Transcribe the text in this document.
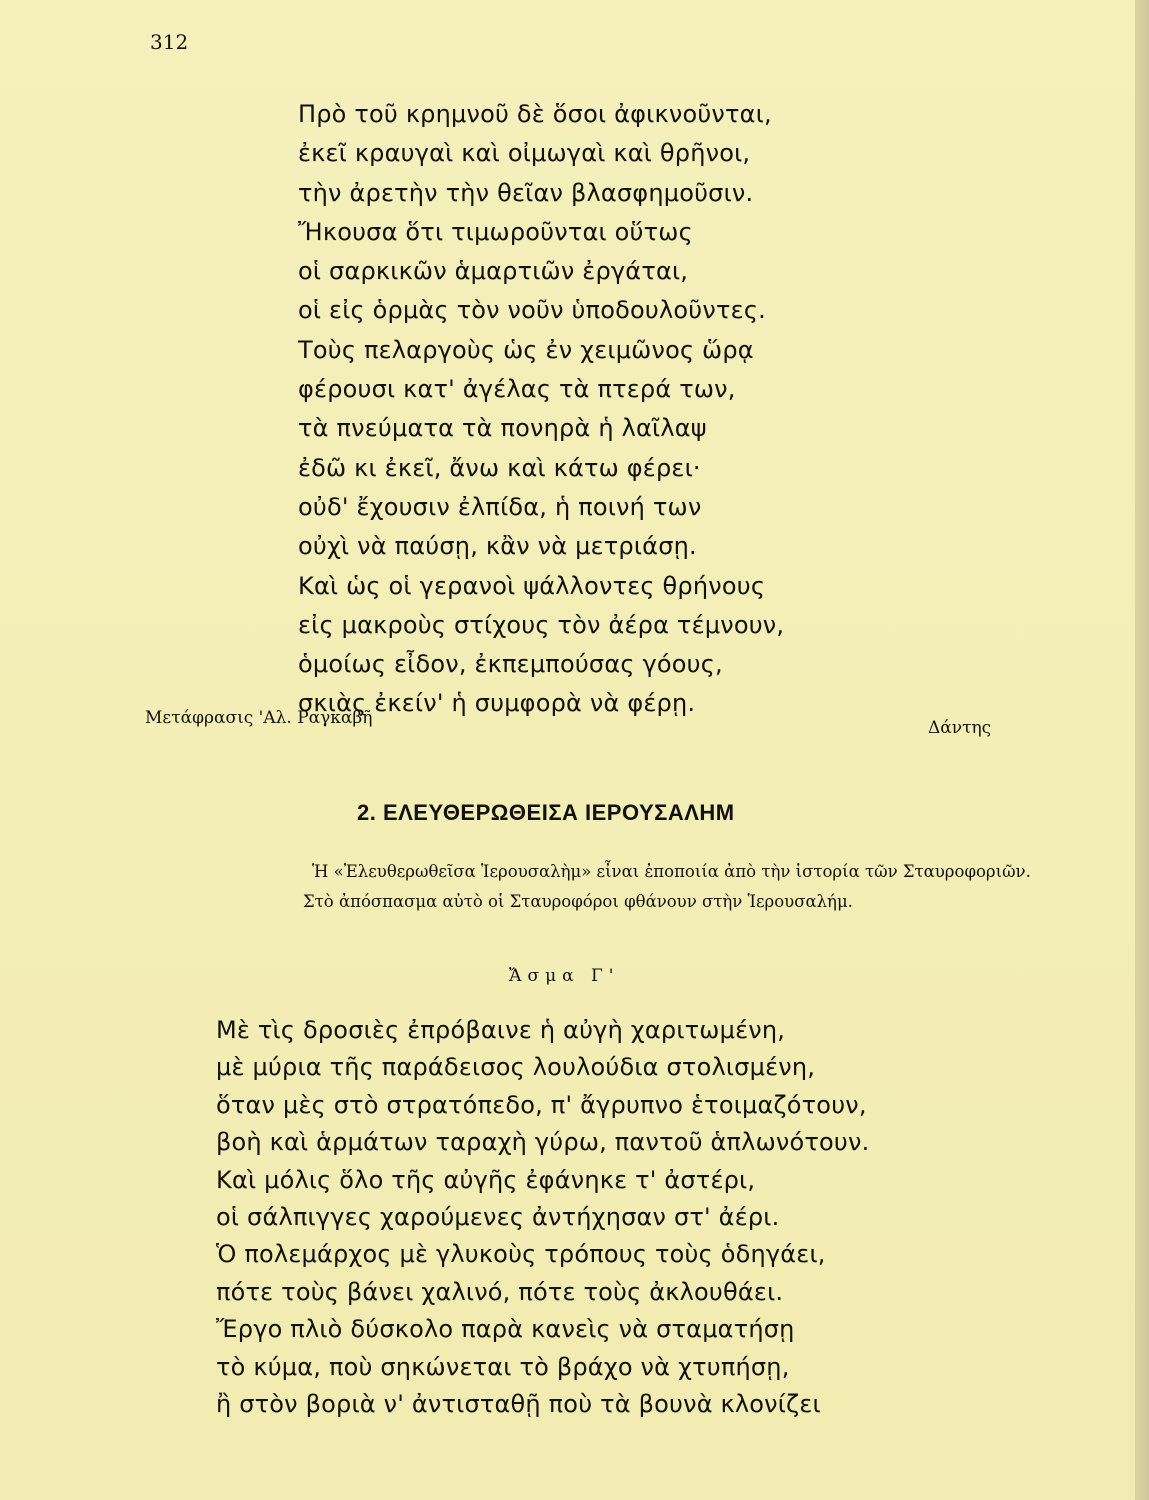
312
Πρὸ τοῦ κρημνοῦ δὲ ὅσοι ἀφικνοῦνται,
ἐκεῖ κραυγαὶ καὶ οἰμωγαὶ καὶ θρῆνοι,
τὴν ἀρετὴν τὴν θεῖαν βλασφημοῦσιν.
Ἤκουσα ὅτι τιμωροῦνται οὕτως
οἱ σαρκικῶν ἁμαρτιῶν ἐργάται,
οἱ εἰς ὁρμὰς τὸν νοῦν ὑποδουλοῦντες.
Τοὺς πελαργοὺς ὡς ἐν χειμῶνος ὥρᾳ
φέρουσι κατ' ἀγέλας τὰ πτερά των,
τὰ πνεύματα τὰ πονηρὰ ἡ λαῖλαψ
ἐδῶ κι ἐκεῖ, ἄνω καὶ κάτω φέρει·
οὐδ' ἔχουσιν ἐλπίδα, ἡ ποινή των
οὐχὶ νὰ παύσῃ, κἂν νὰ μετριάσῃ.
Καὶ ὡς οἱ γερανοὶ ψάλλοντες θρήνους
εἰς μακροὺς στίχους τὸν ἀέρα τέμνουν,
ὁμοίως εἶδον, ἐκπεμπούσας γόους,
σκιὰς ἐκείν' ἡ συμφορὰ νὰ φέρῃ.
Μετάφρασις 'Αλ. Ραγκαβῆ	Δάντης
2. ΕΛΕΥΘΕΡΩΘΕΙΣΑ ΙΕΡΟΥΣΑΛΗΜ

Ἡ «Ἐλευθερωθεῖσα Ἱερουσαλὴμ» εἶναι ἐποποιία ἀπὸ τὴν ἱστορία τῶν Σταυροφοριῶν.

Στὸ ἀπόσπασμα αὐτὸ οἱ Σταυροφόροι φθάνουν στὴν Ἱερουσαλήμ.

Ἄσμα Γ'
Μὲ τὶς δροσιὲς ἐπρόβαινε ἡ αὐγὴ χαριτωμένη,
μὲ μύρια τῆς παράδεισος λουλούδια στολισμένη,
ὅταν μὲς στὸ στρατόπεδο, π' ἄγρυπνο ἑτοιμαζότουν,
βοὴ καὶ ἁρμάτων ταραχὴ γύρω, παντοῦ ἁπλωνότουν.
Καὶ μόλις ὅλο τῆς αὐγῆς ἐφάνηκε τ' ἀστέρι,
οἱ σάλπιγγες χαρούμενες ἀντήχησαν στ' ἀέρι.
Ὁ πολεμάρχος μὲ γλυκοὺς τρόπους τοὺς ὁδηγάει,
πότε τοὺς βάνει χαλινό, πότε τοὺς ἀκλουθάει.
Ἔργο πλιὸ δύσκολο παρὰ κανεὶς νὰ σταματήσῃ
τὸ κύμα, ποὺ σηκώνεται τὸ βράχο νὰ χτυπήσῃ,
ἢ στὸν βοριὰ ν' ἀντισταθῇ ποὺ τὰ βουνὰ κλονίζει
